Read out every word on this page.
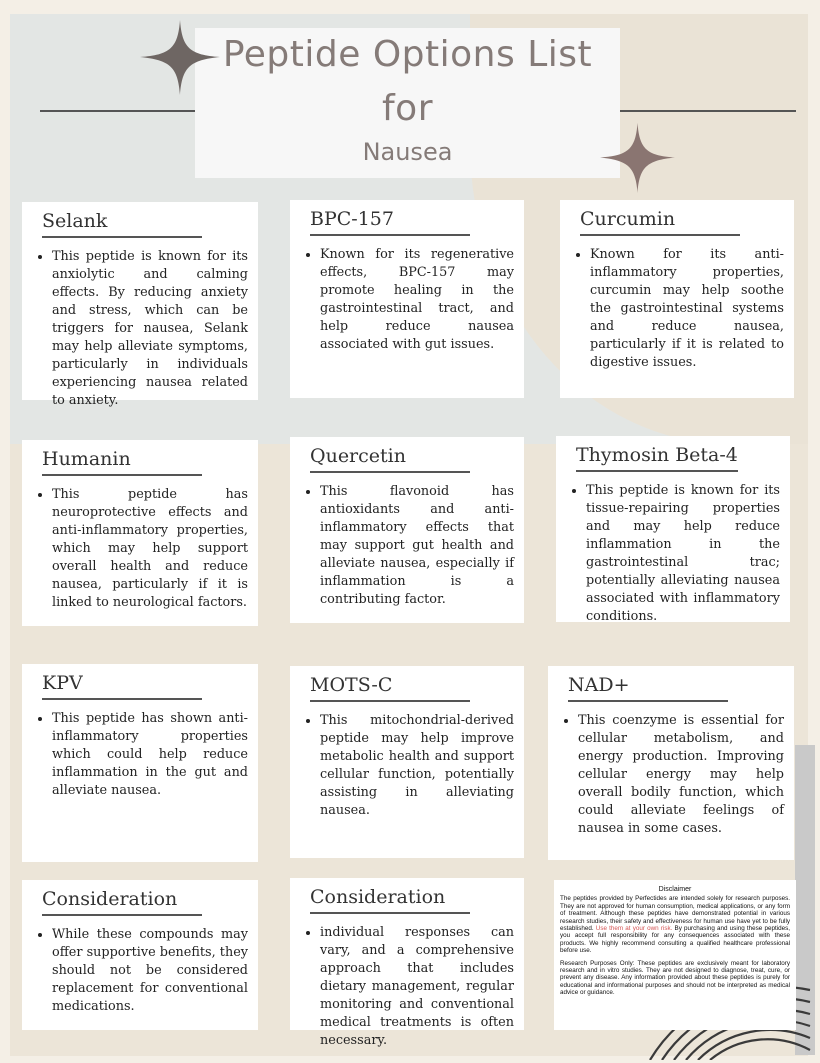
Peptide Options List
for
Nausea
Selank
• This peptide is known for its anxiolytic and calming effects. By reducing anxiety and stress, which can be triggers for nausea, Selank may help alleviate symptoms, particularly in individuals experiencing nausea related to anxiety.
BPC-157
• Known for its regenerative effects, BPC-157 may promote healing in the gastrointestinal tract, and help reduce nausea associated with gut issues.
Curcumin
• Known for its anti-inflammatory properties, curcumin may help soothe the gastrointestinal systems and reduce nausea, particularly if it is related to digestive issues.
Humanin
• This peptide has neuroprotective effects and anti-inflammatory properties, which may help support overall health and reduce nausea, particularly if it is linked to neurological factors.
Quercetin
• This flavonoid has antioxidants and anti-inflammatory effects that may support gut health and alleviate nausea, especially if inflammation is a contributing factor.
Thymosin Beta-4
• This peptide is known for its tissue-repairing properties and may help reduce inflammation in the gastrointestinal trac; potentially alleviating nausea associated with inflammatory conditions.
KPV
• This peptide has shown anti-inflammatory properties which could help reduce inflammation in the gut and alleviate nausea.
MOTS-C
• This mitochondrial-derived peptide may help improve metabolic health and support cellular function, potentially assisting in alleviating nausea.
NAD+
• This coenzyme is essential for cellular metabolism, and energy production. Improving cellular energy may help overall bodily function, which could alleviate feelings of nausea in some cases.
Consideration
• While these compounds may offer supportive benefits, they should not be considered replacement for conventional medications.
Consideration
• individual responses can vary, and a comprehensive approach that includes dietary management, regular monitoring and conventional medical treatments is often necessary.
Disclaimer

The peptides provided by Perfectides are intended solely for research purposes. They are not approved for human consumption, medical applications, or any form of treatment. Although these peptides have demonstrated potential in various research studies, their safety and effectiveness for human use have yet to be fully established. Use them at your own risk. By purchasing and using these peptides, you accept full responsibility for any consequences associated with these products. We highly recommend consulting a qualified healthcare professional before use.

Research Purposes Only: These peptides are exclusively meant for laboratory research and in vitro studies. They are not designed to diagnose, treat, cure, or prevent any disease. Any information provided about these peptides is purely for educational and informational purposes and should not be interpreted as medical advice or guidance.
